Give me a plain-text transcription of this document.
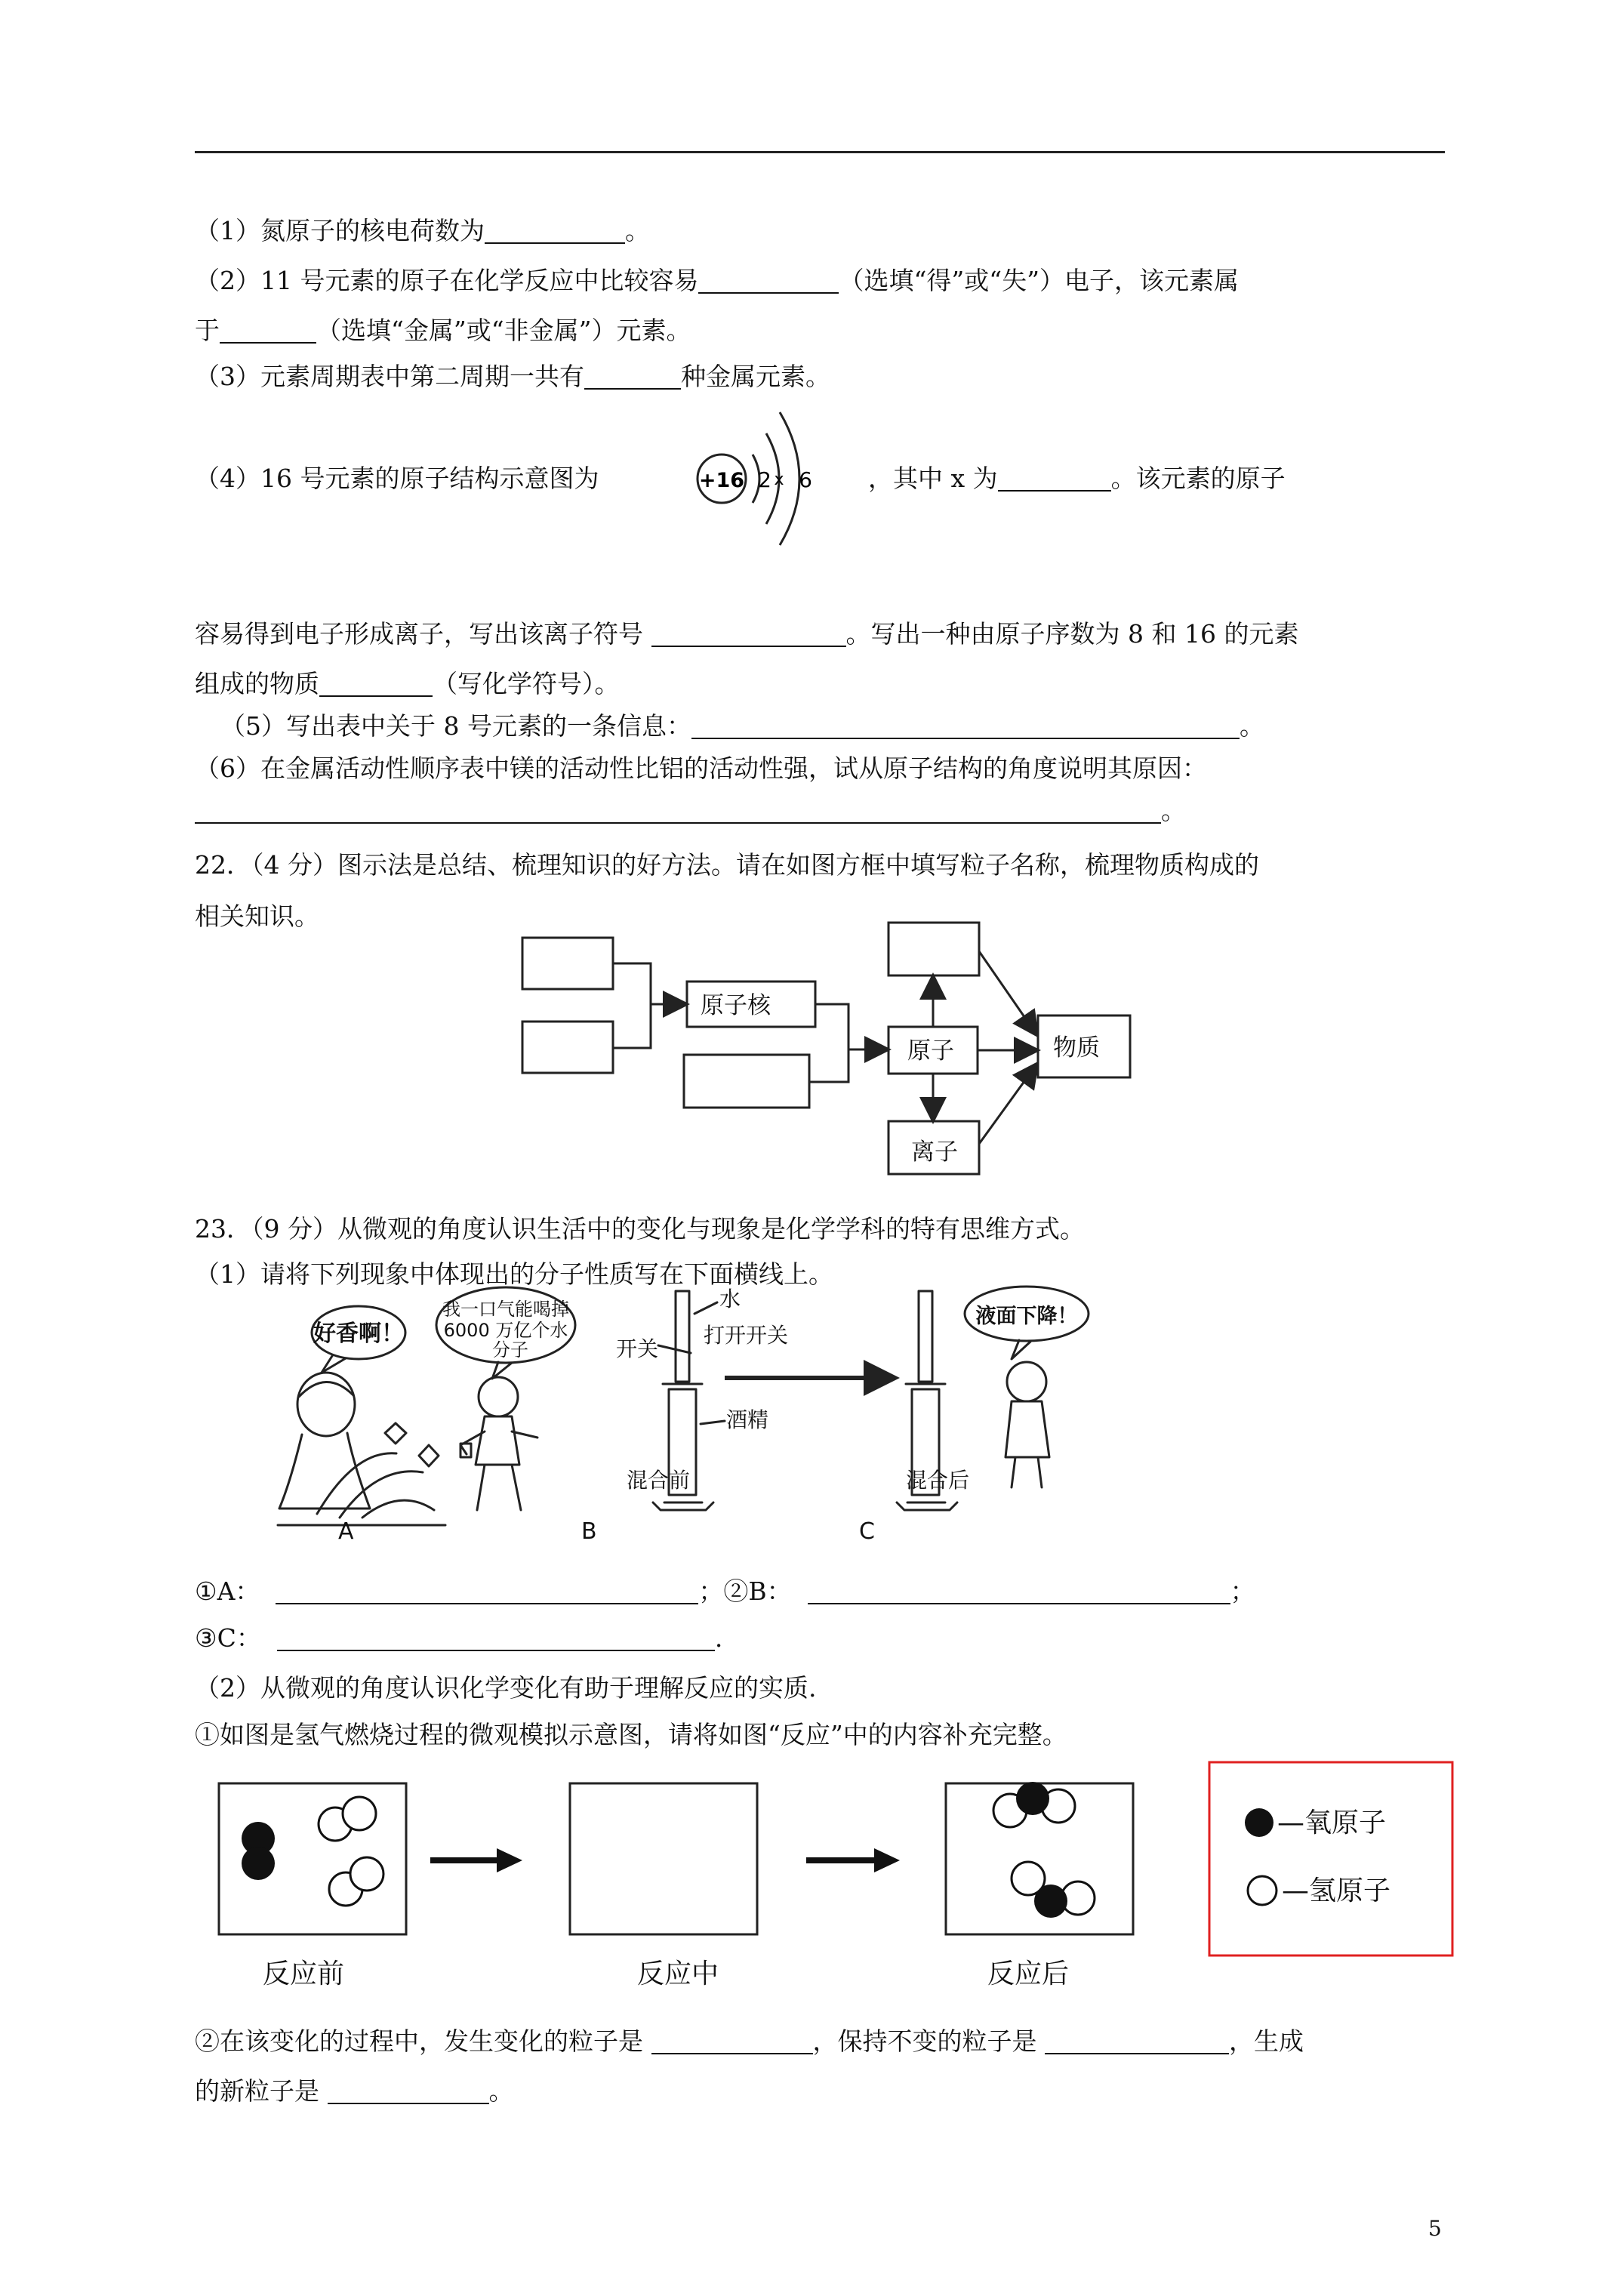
（1）氮原子的核电荷数为	。
（2）11 号元素的原子在化学反应中比较容易	（选填“得”或“失”）电子，该元素属
于	（选填“金属”或“非金属”）元素。
（3）元素周期表中第二周期一共有	种金属元素。
（4）16 号元素的原子结构示意图为	+16 2 x 6 ，其中 x 为	。该元素的原子
容易得到电子形成离子，写出该离子符号	。写出一种由原子序数为 8 和 16 的元素
组成的物质	（写化学符号）。
（5）写出表中关于 8 号元素的一条信息：	。
（6）在金属活动性顺序表中镁的活动性比铝的活动性强，试从原子结构的角度说明其原因：
。
22．（4 分）图示法是总结、梳理知识的好方法。请在如图方框中填写粒子名称，梳理物质构成的
相关知识。
原子核
原子
离子
物质
23．（9 分）从微观的角度认识生活中的变化与现象是化学学科的特有思维方式。
（1）请将下列现象中体现出的分子性质写在下面横线上。
好香啊！
我一口气能喝掉
6000 万亿个水
分子
水
开关
打开开关
酒精
混合前	混合后
液面下降！
A	B	C
①A：	；②B：	；
③C：	.
（2）从微观的角度认识化学变化有助于理解反应的实质.
①如图是氢气燃烧过程的微观模拟示意图，请将如图“反应”中的内容补充完整。
—氧原子
—氢原子
反应前	反应中	反应后
②在该变化的过程中，发生变化的粒子是	，保持不变的粒子是	，生成
的新粒子是	。
5
